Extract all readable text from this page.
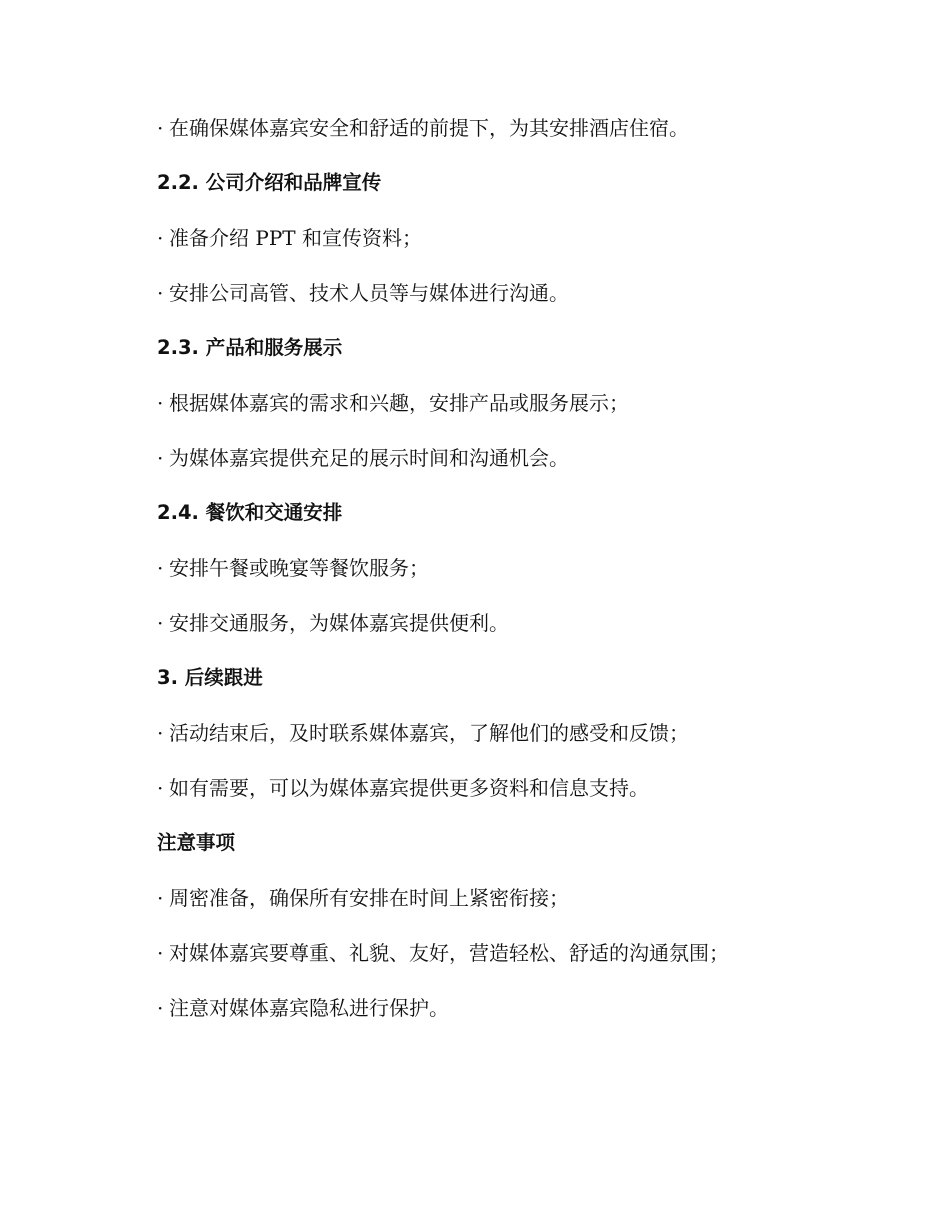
· 在确保媒体嘉宾安全和舒适的前提下，为其安排酒店住宿。
2.2. 公司介绍和品牌宣传
· 准备介绍 PPT 和宣传资料；
· 安排公司高管、技术人员等与媒体进行沟通。
2.3. 产品和服务展示
· 根据媒体嘉宾的需求和兴趣，安排产品或服务展示；
· 为媒体嘉宾提供充足的展示时间和沟通机会。
2.4. 餐饮和交通安排
· 安排午餐或晚宴等餐饮服务；
· 安排交通服务，为媒体嘉宾提供便利。
3. 后续跟进
· 活动结束后，及时联系媒体嘉宾，了解他们的感受和反馈；
· 如有需要，可以为媒体嘉宾提供更多资料和信息支持。
注意事项
· 周密准备，确保所有安排在时间上紧密衔接；
· 对媒体嘉宾要尊重、礼貌、友好，营造轻松、舒适的沟通氛围；
· 注意对媒体嘉宾隐私进行保护。
